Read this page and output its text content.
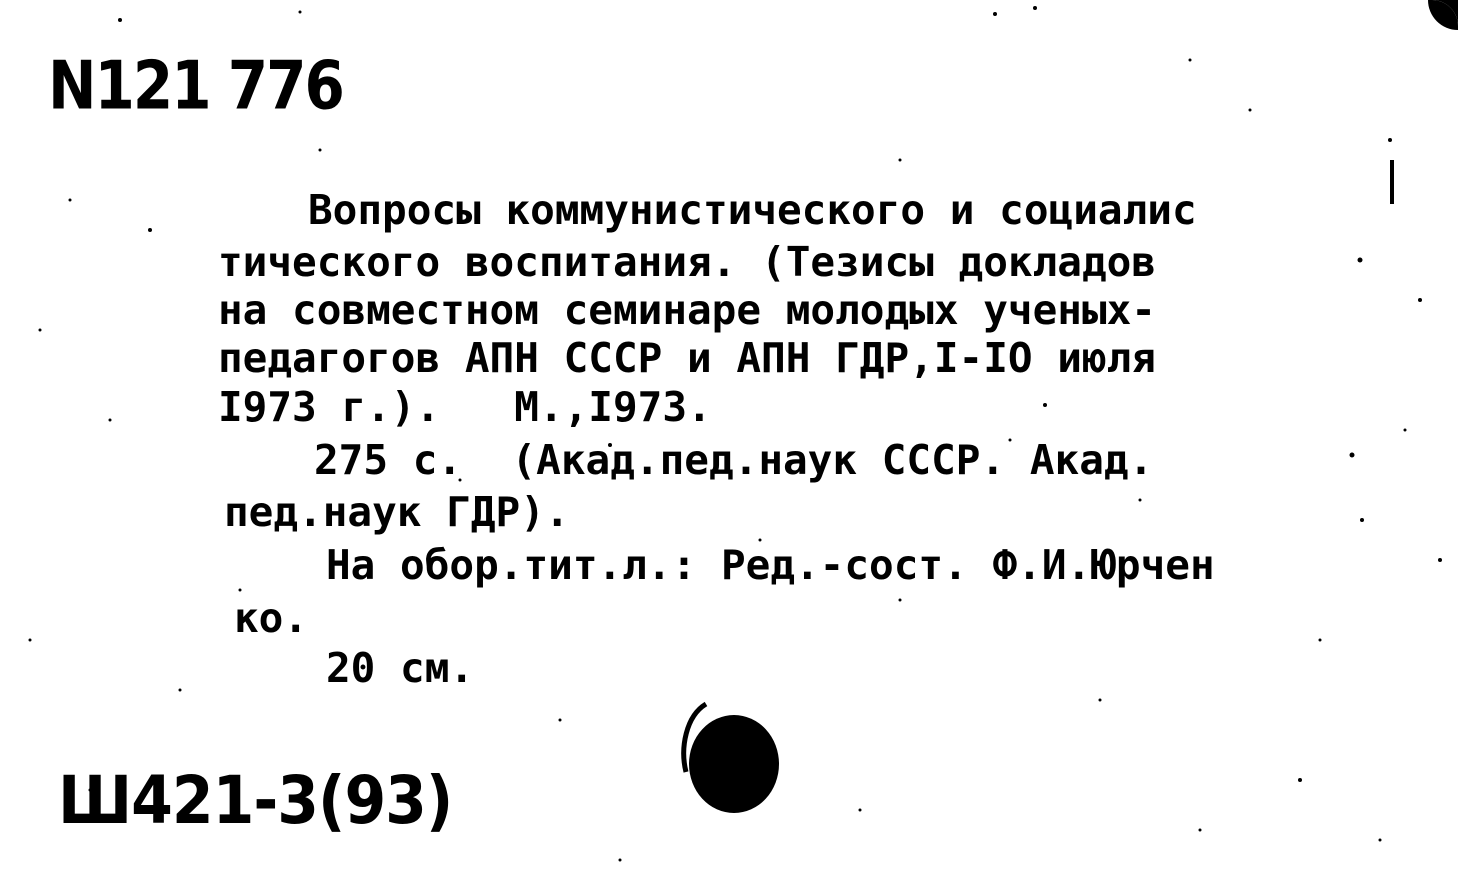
N121 776
Вопросы коммунистического и социалис
тического воспитания. (Тезисы докладов
на совместном семинаре молодых ученых-
педагогов АПН СССР и АПН ГДР,I-IO июля
I973 г.).   М.,I973.
275 с.  (Акад.пед.наук СССР. Акад.
пед.наук ГДР).
На обор.тит.л.: Ред.-сост. Ф.И.Юрчен
ко.
20 см.
Ш421-3(93)
